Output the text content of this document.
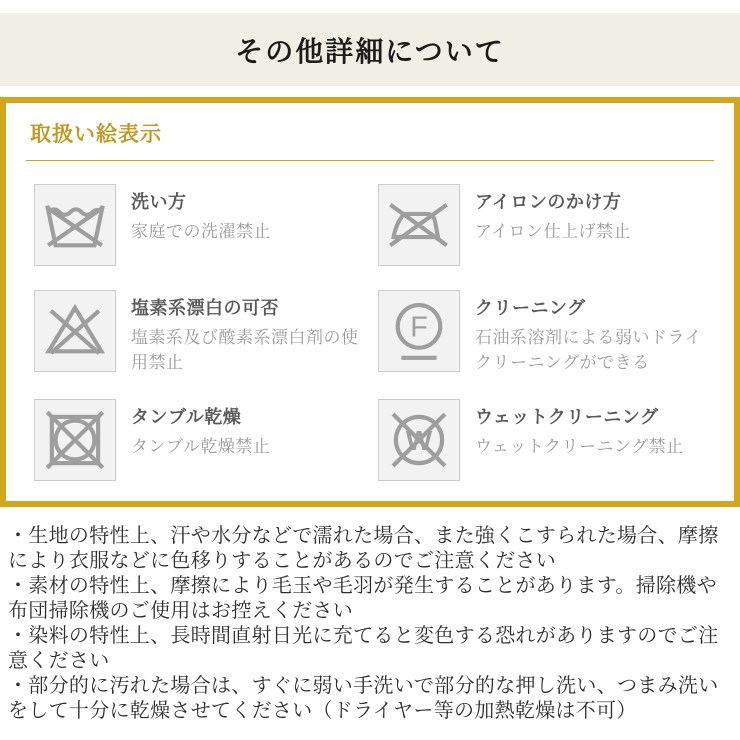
その他詳細について
取扱い絵表示
洗い方

家庭での洗濯禁止

アイロンのかけ方

アイロン仕上げ禁止

塩素系漂白の可否

塩素系及び酸素系漂白剤の使用禁止

F
クリーニング

石油系溶剤による弱いドライクリーニングができる

タンブル乾燥

タンブル乾燥禁止	W
ウェットクリーニング

ウェットクリーニング禁止

・生地の特性上、汗や水分などで濡れた場合、また強くこすられた場合、摩擦により衣服などに色移りすることがあるのでご注意ください

・素材の特性上、摩擦により毛玉や毛羽が発生することがあります。掃除機や布団掃除機のご使用はお控えください

・染料の特性上、長時間直射日光に充てると変色する恐れがありますのでご注意ください

・部分的に汚れた場合は、すぐに弱い手洗いで部分的な押し洗い、つまみ洗いをして十分に乾燥させてください（ドライヤー等の加熱乾燥は不可）
